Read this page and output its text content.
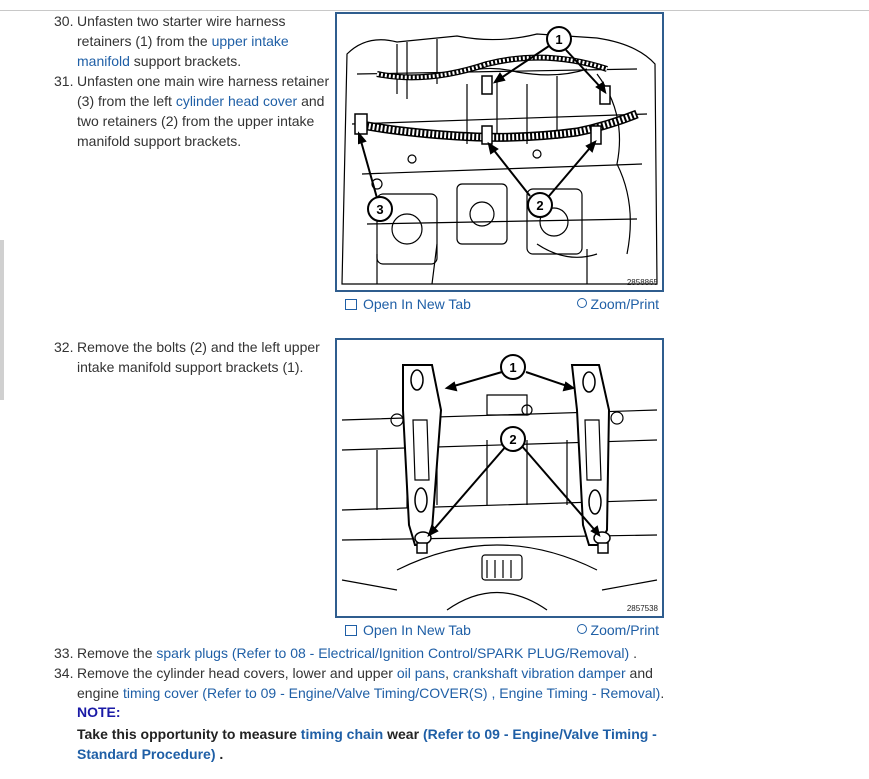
30. Unfasten two starter wire harness
retainers (1) from the upper intake
manifold support brackets.
31. Unfasten one main wire harness retainer
(3) from the left cylinder head cover and
two retainers (2) from the upper intake
manifold support brackets.
1
2
3
2858865
Open In New Tab	Zoom/Print
32. Remove the bolts (2) and the left upper
intake manifold support brackets (1).	1
2
2857538
Open In New Tab	Zoom/Print
33. Remove the spark plugs (Refer to 08 - Electrical/Ignition Control/SPARK PLUG/Removal) .
34. Remove the cylinder head covers, lower and upper oil pans, crankshaft vibration damper and
engine timing cover (Refer to 09 - Engine/Valve Timing/COVER(S) , Engine Timing - Removal).
NOTE:
Take this opportunity to measure timing chain wear (Refer to 09 - Engine/Valve Timing -
Standard Procedure) .
